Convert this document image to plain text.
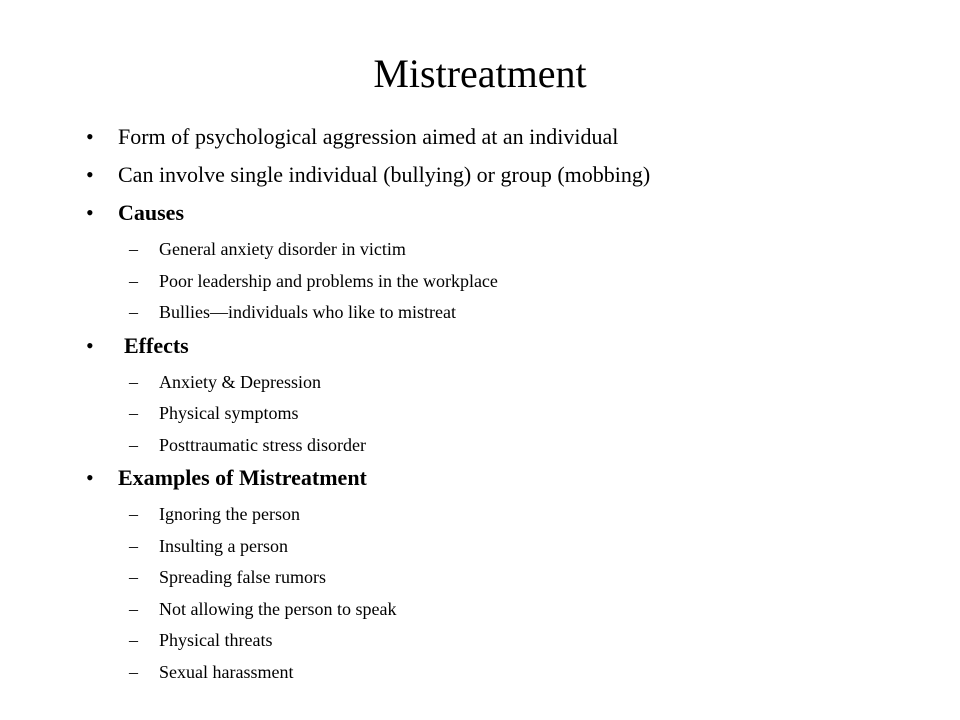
Mistreatment
• Form of psychological aggression aimed at an individual
• Can involve single individual (bullying) or group (mobbing)
• Causes
– General anxiety disorder in victim
– Poor leadership and problems in the workplace
– Bullies—individuals who like to mistreat
• Effects
– Anxiety & Depression
– Physical symptoms
– Posttraumatic stress disorder
• Examples of Mistreatment
– Ignoring the person
– Insulting a person
– Spreading false rumors
– Not allowing the person to speak
– Physical threats
– Sexual harassment
